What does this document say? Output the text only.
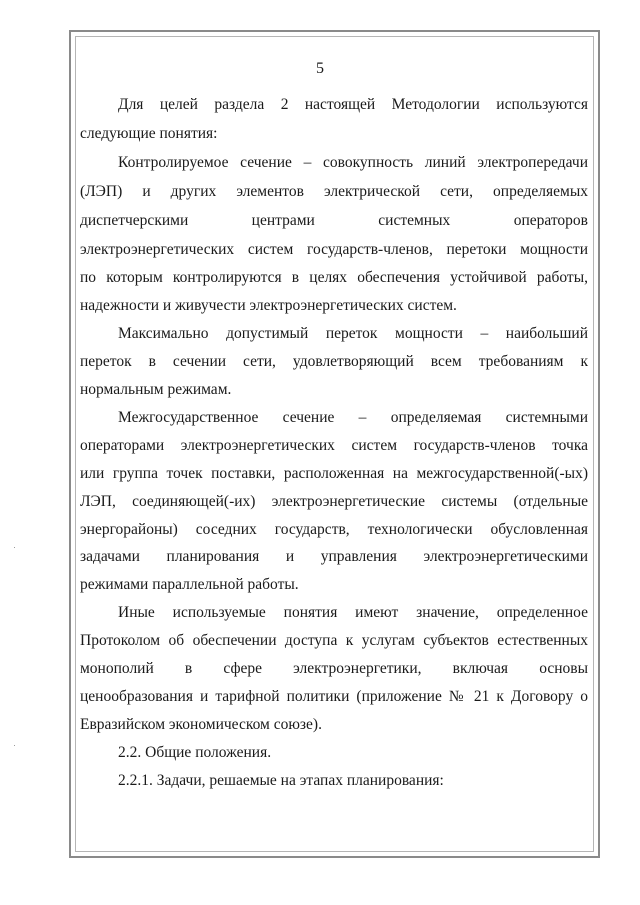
5
Для целей раздела 2 настоящей Методологии используются
следующие понятия:
Контролируемое сечение – совокупность линий электропередачи
(ЛЭП) и других элементов электрической сети, определяемых
диспетчерскими центрами системных операторов
электроэнергетических систем государств-членов, перетоки мощности
по которым контролируются в целях обеспечения устойчивой работы,
надежности и живучести электроэнергетических систем.
Максимально допустимый переток мощности – наибольший
переток в сечении сети, удовлетворяющий всем требованиям к
нормальным режимам.
Межгосударственное сечение – определяемая системными
операторами электроэнергетических систем государств-членов точка
или группа точек поставки, расположенная на межгосударственной(-ых)
ЛЭП, соединяющей(-их) электроэнергетические системы (отдельные
энергорайоны) соседних государств, технологически обусловленная
задачами планирования и управления электроэнергетическими
режимами параллельной работы.
Иные используемые понятия имеют значение, определенное
Протоколом об обеспечении доступа к услугам субъектов естественных
монополий в сфере электроэнергетики, включая основы
ценообразования и тарифной политики (приложение № 21 к Договору о
Евразийском экономическом союзе).
2.2. Общие положения.
2.2.1. Задачи, решаемые на этапах планирования:
